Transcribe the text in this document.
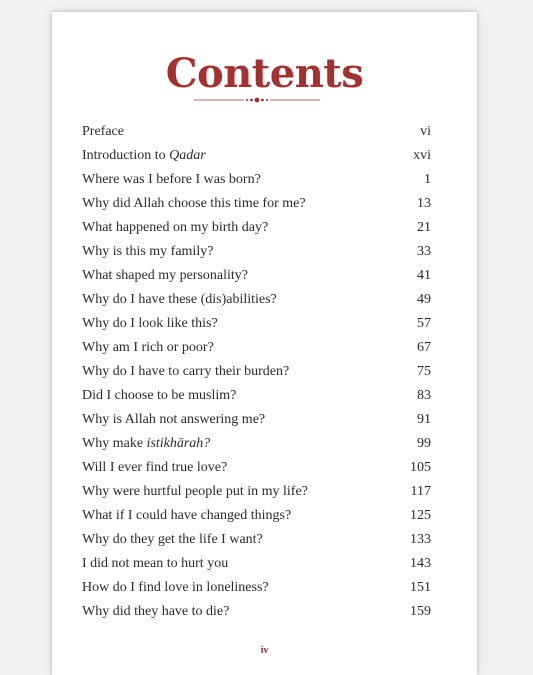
Contents
Preface	vi
Introduction to Qadar	xvi
Where was I before I was born?	1
Why did Allah choose this time for me?	13
What happened on my birth day?	21
Why is this my family?	33
What shaped my personality?	41
Why do I have these (dis)abilities?	49
Why do I look like this?	57
Why am I rich or poor?	67
Why do I have to carry their burden?	75
Did I choose to be muslim?	83
Why is Allah not answering me?	91
Why make istikhārah?	99
Will I ever find true love?	105
Why were hurtful people put in my life?	117
What if I could have changed things?	125
Why do they get the life I want?	133
I did not mean to hurt you	143
How do I find love in loneliness?	151
Why did they have to die?	159
iv
